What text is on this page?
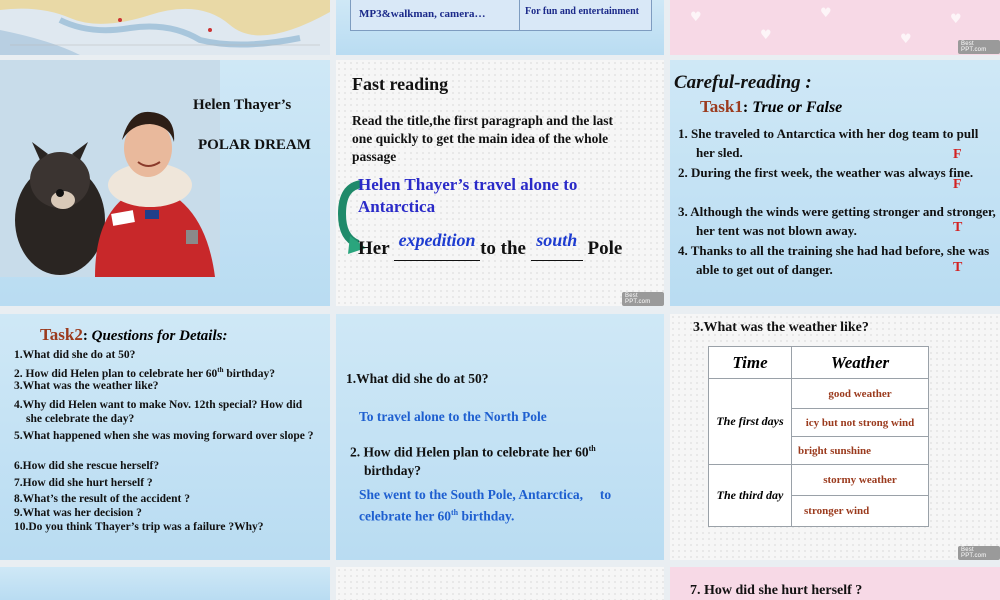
MP3&walkman, camera…	For fun and entertainment	♥
♥
♥
♥
♥
Best PPT.com
Helen Thayer’s
POLAR DREAM
Fast reading
Read the title,the first paragraph and the last one quickly to get the main idea of the whole passage
Helen Thayer’s travel alone to Antarctica
Her expedition to the south Pole
Best PPT.com
Careful-reading :
Task1: True or False
1. She traveled to Antarctica with her dog team to pull her sled.	F
2. During the first week, the weather was always fine.
F
3. Although the winds were getting stronger and stronger, her tent was not blown away.	T
4. Thanks to all the training she had had before, she was able to get out of danger.	T
Task2: Questions for Details:
1.What did she do at 50?
2. How did Helen plan to celebrate her 60th birthday?
3.What was the weather like?
4.Why did Helen want to make Nov. 12th special? How did she celebrate the day?
5.What happened when she was moving forward over slope ?
6.How did she rescue herself?
7.How did she hurt herself ?
8.What’s the result of the accident ?
9.What was her decision ?
10.Do you think Thayer’s trip was a failure ?Why?
1.What did she do at 50?
To travel alone to the North Pole
2. How did Helen plan to celebrate her 60th birthday?
She went to the South Pole, Antarctica,     to celebrate her 60th birthday.
3.What was the weather like?
Time	Weather
The first days	good weather
	icy but not strong wind
	bright sunshine
The third day	stormy weather
	stronger wind
Best PPT.com
7. How did she hurt herself ?
